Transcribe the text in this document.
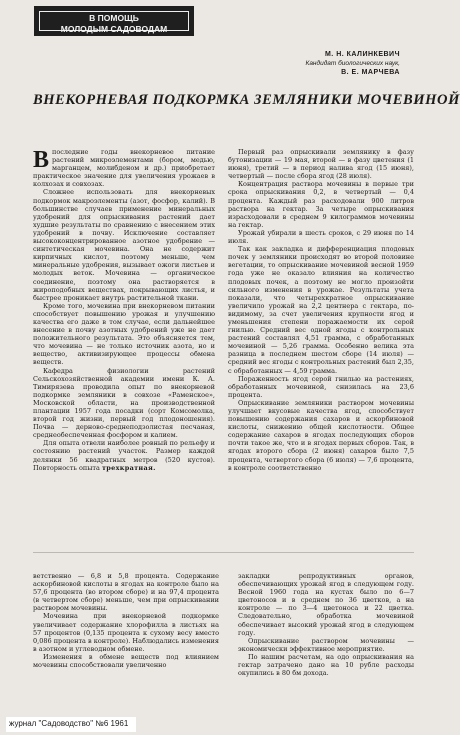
В ПОМОЩЬ
МОЛОДЫМ САДОВОДАМ
М. Н. КАЛИНКЕВИЧ
Кандидат биологических наук,
В. Е. МАРЧЕВА
ВНЕКОРНЕВАЯ ПОДКОРМКА ЗЕМЛЯНИКИ МОЧЕВИНОЙ

Впоследние годы внекорневое питание растений микроэлементами (бором, медью, марганцем, молибденом и др.) приобретает практическое значение для увеличения урожаев в колхозах и совхозах.

Сложнее использовать для внекорневых подкормок макроэлементы (азот, фосфор, калий). В большинстве случаев применение минеральных удобрений для опрыскивания растений дает худшие результаты по сравнению с внесением этих удобрений в почву. Исключение составляет высококонцентрированное азотное удобрение — синтетическая мочевина. Она не содержит кирпичных кислот, поэтому меньше, чем минеральные удобрения, вызывает ожоги листьев и молодых веток. Мочевина — органическое соединение, поэтому она растворяется в жироподобных веществах, покрывающих листья, и быстрее проникает внутрь растительной ткани.

Кроме того, мочевина при внекорневом питании способствует повышению урожая и улучшению качества его даже в том случае, если дальнейшее внесение в почву азотных удобрений уже не дает положительного результата. Это объясняется тем, что мочевина — не только источник азота, но и вещество, активизирующее процессы обмена веществ.

Кафедра физиологии растений Сельскохозяйственной академии имени К. А. Тимирязева проводила опыт по внекорневой подкормке земляники в совхозе «Раменское», Московской области, на производственной плантации 1957 года посадки (сорт Комсомолка, второй год жизни, первый год плодоношения). Почва — дерново-среднеподзолистая песчаная, среднеобеспеченная фосфором и калием.

Для опыта отвели наиболее ровный по рельефу и состоянию растений участок. Размер каждой делянки 56 квадратных метров (520 кустов). Повторность опыта трехкратная.

Первый раз опрыскивали землянику в фазу бутонизации — 19 мая, второй — в фазу цветения (1 июня), третий — в период налива ягод (15 июня), четвертый — после сбора ягод (28 июля).

Концентрация раствора мочевины в первые три срока опрыскивания 0,2, в четвертый — 0,4 процента. Каждый раз расходовали 900 литров раствора на гектар. За четыре опрыскивания израсходовали в среднем 9 килограммов мочевины на гектар.

Урожай убирали в шесть сроков, с 29 июня по 14 июля.

Так как закладка и дифференциация плодовых почек у земляники происходят во второй половине вегетации, то опрыскивание мочевиной весной 1959 года уже не оказало влияния на количество плодовых почек, а поэтому не могло произойти сильного изменения в урожае. Результаты учета показали, что четырехкратное опрыскивание увеличило урожай на 2,2 центнера с гектара, по-видимому, за счет увеличения крупности ягод и уменьшения степени поражаемости их серой гнилью. Средний вес одной ягоды с контрольных растений составлял 4,51 грамма, с обработанных мочевиной — 5,26 грамма. Особенно велика эта разница в последнем шестом сборе (14 июля) — средний вес ягоды с контрольных растений был 2,35, с обработанных — 4,59 грамма.

Пораженность ягод серой гнилью на растениях, обработанных мочевиной, снизилась на 23,6 процента.

Опрыскивание земляники раствором мочевины улучшает вкусовые качества ягод, способствует повышению содержания сахаров и аскорбиновой кислоты, снижению общей кислотности. Общее содержание сахаров в ягодах последующих сборов почти такое же, что и в ягодах первых сборов. Так, в ягодах второго сбора (2 июня) сахаров было 7,5 процента, четвертого сбора (6 июля) — 7,6 процента, в контроле соответственно

ветственно — 6,8 и 5,8 процента. Содержание аскорбиновой кислоты в ягодах на контроле было на 57,6 процента (во втором сборе) и на 97,4 процента (в четвертом сборе) меньше, чем при опрыскивании раствором мочевины.

Мочевина при внекорневой подкормке увеличивает содержание хлорофилла в листьях на 57 процентов (0,135 процента к сухому весу вместо 0,086 процента в контроле). Наблюдались изменения в азотном и углеводном обмене.

Изменения в обмене веществ под влиянием мочевины способствовали увеличенно

закладки репродуктивных органов, обеспечивающих урожай ягод в следующем году. Весной 1960 года на кустах было по 6—7 цветоносов и в среднем по 36 цветков, а на контроле — по 3—4 цветоноса и 22 цветка. Следовательно, обработка мочевиной обеспечивает высокий урожай ягод в следующем году.

Опрыскивание раствором мочевины — экономически эффективное мероприятие.

По нашим расчетам, на одо опрыскивания на гектар затрачено дано на 10 рубле расходы окупились в 80 бм дохода.

журнал "Садоводство" №6 1961
